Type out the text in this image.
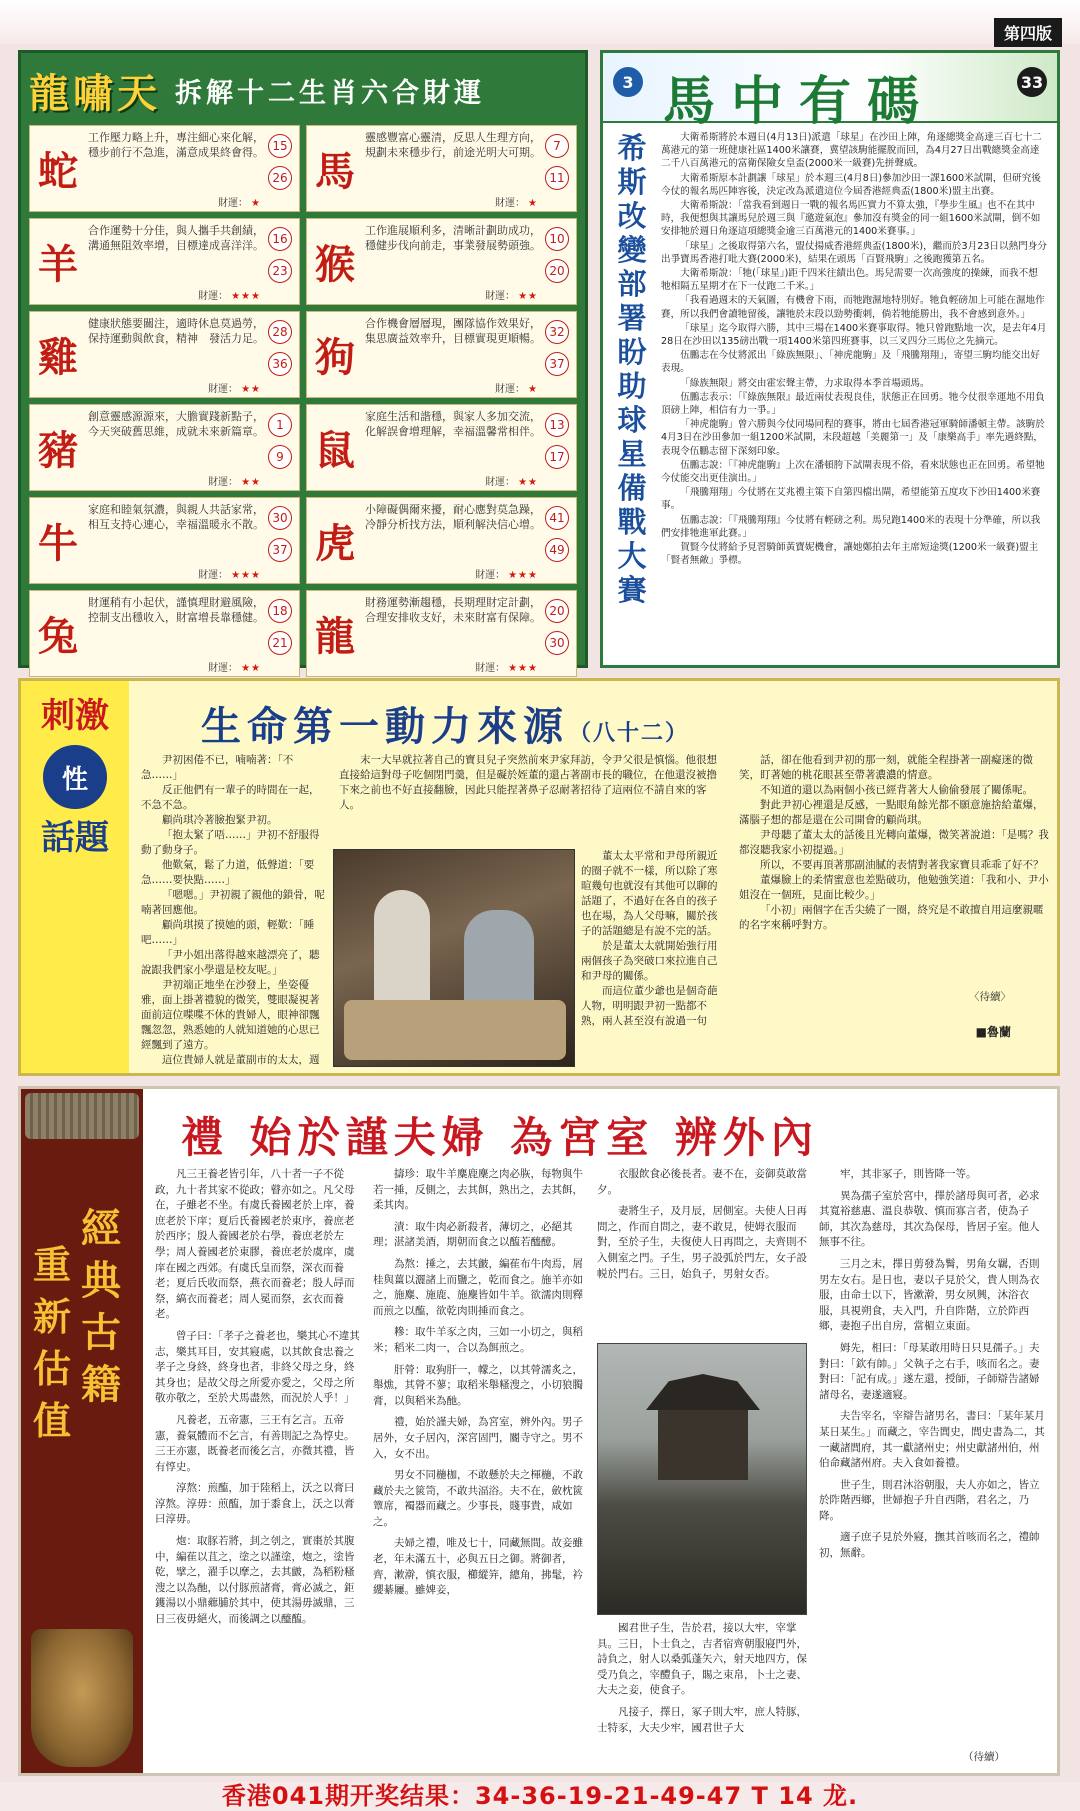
第四版
龍嘯天 拆解十二生肖六合財運
蛇
工作壓力略上升，專注細心來化解，穩步前行不急進，滿意成果終會得。 15
26
財運： ★
馬
靈感豐富心靈清，反思人生理方向，規劃未來穩步行，前途光明大可期。	7
11
財運： ★
羊
合作運勢十分佳，與人攜手共創績，溝通無阻效率增，目標達成喜洋洋。 16
23
財運： ★★★
猴
工作進展順利多，清晰計劃助成功，穩健步伐向前走，事業發展勢頭強。 10
20
財運： ★★
雞
健康狀態要關注，適時休息莫過勞，保持運動與飲食，精神　發活力足。 28
36
財運： ★★
狗
合作機會層層現，團隊協作效果好，集思廣益效率升，目標實現更順暢。 32
37
財運： ★
豬
創意靈感源源來，大膽實踐新點子，今天突破舊思維，成就未來新篇章。	1
9
財運： ★★
鼠
家庭生活和諧穩，與家人多加交流，化解誤會增理解，幸福溫馨常相伴。 13
17
財運： ★★
牛
家庭和睦氣氛濃，與親人共話家常，相互支持心連心，幸福溫暖永不散。 30
37
財運： ★★★
虎
小障礙偶爾來擾，耐心應對莫急躁，冷靜分析找方法，順利解決信心增。 41
49
財運： ★★★
兔
財運稍有小起伏，謹慎理財避風險，控制支出穩收入，財富增長靠穩健。 18
21
財運： ★★
龍
財務運勢漸趨穩，長期理財定計劃，合理安排收支好，未來財富有保障。 20
30
財運： ★★★
3 馬中有碼	33
希
斯
改
變
部
署
盼
助
球
星
備
戰
大
賽

大衛希斯將於本週日(4月13日)派遣「球星」在沙田上陣，角逐總獎金高達三百七十二萬港元的第一班健康社區1400米讓賽，冀望該駒能擺脫而回，為4月27日出戰總獎金高達二千八百萬港元的富衛保險女皇盃(2000米一級賽)先拼聲威。

大衛希斯原本計劃讓「球星」於本週三(4月8日)參加沙田一課1600米試閘，但研究後今仗的報名馬匹陣容後，決定改為派遣這位今屆香港經典盃(1800米)盟主出賽。

大衛希斯說：「當我看到週日一戰的報名馬匹實力不算太強，『學步生風』也不在其中時，我便想與其讓馬兒於週三與『邀遊氣泡』參加沒有獎金的同一組1600米試閘，倒不如安排牠於週日角逐這項總獎金逾三百萬港元的1400米賽事。」

「球星」之後取得第六名，盟仗揚威香港經典盃(1800米)，繼而於3月23日以熱門身分出爭寶馬香港打吡大賽(2000米)，結果在頭馬「百賢飛駒」之後跑獲第五名。

大衛希斯說：「牠(「球星」)距千四米往績出色。馬兒需要一次高強度的操練，而我不想牠相隔五星期才在下一仗跑二千米。」

「我看過週末的天氣圖，有機會下雨，而牠跑濕地特別好。牠負輕磅加上可能在濕地作賽，所以我們會讀牠留後，讓牠於末段以勁勢衝刺，倘若牠能勝出，我不會感到意外。」

「球星」迄今取得六勝，其中三場在1400米賽事取得。牠只曾跑點地一次，是去年4月28日在沙田以135磅出戰一項1400米第四班賽事，以三叉四分三馬位之先摘元。

伍鵬志在今仗將派出「綠族無限」、「神虎龍駒」及「飛騰翔翔」，寄望三駒均能交出好表現。

「綠族無限」將交由霍宏聲主帶，力求取得本季首場頭馬。

伍鵬志表示：「『綠族無限』最近兩仗表現良佳，狀態正在回勇。牠今仗很幸運地不用負頂磅上陣，相信有力一爭。」

「神虎龍駒」曾六勝與今仗同場同程的賽事，將由七屆香港冠軍騎師潘頓主帶。該駒於4月3日在沙田參加一組1200米試閘，末段超越「美麗第一」及「康樂高手」率先過終點，表現令伍鵬志留下深刻印象。

伍鵬志說：「『神虎龍駒』上次在潘頓胯下試閘表現不俗，看來狀態也正在回勇。希望牠今仗能交出更佳演出。」

「飛騰翔翔」今仗將在艾兆禮主策下自第四檔出閘，希望能第五度攻下沙田1400米賽事。

伍鵬志說：「『飛騰翔翔』今仗將有輕磅之利。馬兒跑1400米的表現十分準確，所以我們安排牠進軍此賽。」

賀賢今仗將給予見習騎師黃寶妮機會，讓她鄭拍去年主席短途獎(1200米一級賽)盟主「賢者無敵」爭標。

刺激
性
話題
生命第一動力來源（八十二）

尹初困倦不已，喃喃著：「不急……」

反正他們有一輩子的時間在一起，不急不急。

顧尚琪冷著臉抱緊尹初。

「抱太緊了唔……」尹初不舒服得動了動身子。

他歎氣，鬆了力道，低聲道：「要急……要快點……」

「嗯嗯。」尹初親了親他的鎖骨，呢喃著回應他。

顧尚琪摸了摸她的頭，輕歎：「睡吧……」

「尹小姐出落得越來越漂亮了，聽說跟我們家小學還是校友呢。」

尹初端正地坐在沙發上，坐姿優雅，面上掛著禮貌的微笑，雙眼凝視著面前這位喋喋不休的貴婦人，眼神卻飄飄忽忽，熟悉她的人就知道她的心思已經飄到了遠方。

這位貴婦人就是董副市的太太，週

末一大早就拉著自己的寶貝兒子突然前來尹家拜訪，令尹父很是慎惱。他很想直接給這對母子吃個閉門羹，但是礙於姪董的還占著副市長的職位，在他還沒被撸下來之前也不好直接翻臉，因此只能捏著鼻子忍耐著招待了這兩位不請自來的客人。

董太太平常和尹母所親近的圈子就不一樣，所以除了寒暄幾句也就沒有其他可以聊的話題了，不過好在各自的孩子也在場，為人父母嘛，關於孩子的話題總是有說不完的話。

於是董太太就開始強行用兩個孩子為突破口來拉進自己和尹母的關係。

而這位董少爺也是個奇葩人物，明明跟尹初一點都不熟，兩人甚至沒有說過一句

話，卻在他看到尹初的那一刻，就能全程掛著一副癡迷的微笑，盯著她的桃花眼甚至帶著濃濃的情意。

不知道的還以為兩個小孩已經背著大人偷偷發展了關係呢。

對此尹初心裡還是反感，一點眼角餘光都不願意施捨給董爆，滿腦子想的都是還在公司開會的顧尚琪。

尹母聽了董太太的話後且光轉向董爆，微笑著說道：「是嗎？我都沒聽我家小初提過。」

所以，不要再頂著那副油膩的表情對著我家寶貝乖乖了好不？

董爆臉上的柔情蜜意也差點破功，他勉強笑道：「我和小、尹小姐沒在一個班，見面比較少。」

「小初」兩個字在舌尖繞了一圈，終究是不敢擅自用這麼親暱的名字來稱呼對方。

〈待續〉
■魯蘭
經
典
古
籍
重
新
估
值
禮 始於謹夫婦 為宮室 辨外內

凡三王養老皆引年，八十者一子不從政，九十者其家不從政；瞽亦如之。凡父母在，子雖老不坐。有虞氏養國老於上庠，養庶老於下庠；夏后氏養國老於東序，養庶老於西序；殷人養國老於右學，養庶老於左學；周人養國老於東膠，養庶老於虞庠，虞庠在國之西郊。有虞氏皇而祭，深衣而養老；夏后氏收而祭，燕衣而養老；殷人冔而祭，縞衣而養老；周人冕而祭，玄衣而養老。

曾子曰：「孝子之養老也，樂其心不違其志，樂其耳目，安其寢處，以其飲食忠養之孝子之身終，終身也者，非終父母之身，終其身也；是故父母之所愛亦愛之，父母之所敬亦敬之，至於犬馬盡然，而況於人乎！」

凡養老，五帝憲，三王有乞言。五帝憲，養氣體而不乞言，有善則記之為惇史。三王亦憲，既養老而後乞言，亦微其禮，皆有惇史。

淳熬：煎醢，加于陸稻上，沃之以膏曰淳熬。淳毋：煎醢，加于黍食上，沃之以膏曰淳毋。

炮：取豚若將，刲之刳之，實棗於其腹中，編萑以苴之，塗之以謹塗，炮之，塗皆乾，擘之，濯手以摩之，去其皽，為稻粉糔溲之以為酏，以付豚煎諸膏，膏必滅之，鉅鑊湯以小鼎薌脯於其中，使其湯毋滅鼎，三日三夜毋絕火，而後調之以醯醢。

擣珍：取牛羊麋鹿麇之肉必脄，每物與牛若一捶，反側之，去其餌，熟出之，去其餌，柔其肉。

漬：取牛肉必新殺者，薄切之，必絕其理；湛諸美酒，期朝而食之以醢若醯醷。

為熬：捶之，去其皽，編萑布牛肉焉，屑桂與薑以灑諸上而鹽之，乾而食之。施羊亦如之，施麋、施鹿、施麇皆如牛羊。欲濡肉則釋而煎之以醢，欲乾肉則捶而食之。

糝：取牛羊豕之肉，三如一小切之，與稻米；稻米二肉一，合以為餌煎之。

肝膋：取狗肝一，幪之，以其膋濡炙之，舉燋，其膋不蓼；取稻米舉糔溲之，小切狼臅膏，以與稻米為酏。

禮，始於謹夫婦，為宮室，辨外內。男子居外，女子居內，深宮固門，閽寺守之。男不入，女不出。

男女不同椸枷，不敢懸於夫之楎椸，不敢藏於夫之篋笥，不敢共湢浴。夫不在，斂枕篋簟席，襡器而藏之。少事長，賤事貴，咸如之。

夫婦之禮，唯及七十，同藏無間。故妾雖老，年未滿五十，必與五日之御。將御者，齊，漱澣，慎衣服，櫛縱笄，總角，拂髦，衿纓綦屨。雖婢妾，

衣服飲食必後長者。妻不在，妾御莫敢當夕。

妻將生子，及月辰，居側室。夫使人日再問之，作而自問之，妻不敢見，使姆衣服而對，至於子生，夫復使人日再問之，夫齊則不入側室之門。子生，男子設弧於門左，女子設帨於門右。三日，始負子，男射女否。

國君世子生，告於君，接以大牢，宰掌具。三日，卜士負之，吉者宿齊朝服寢門外，詩負之，射人以桑弧蓬矢六，射天地四方，保受乃負之，宰醴負子，賜之束帛，卜士之妻、大夫之妾，使食子。

凡接子，擇日，冢子則大牢，庶人特豚，士特豕，大夫少牢，國君世子大

牢，其非冢子，則皆降一等。

異為孺子室於宮中，擇於諸母與可者，必求其寬裕慈惠、溫良恭敬、慎而寡言者，使為子師，其次為慈母，其次為保母，皆居子室。他人無事不往。

三月之末，擇日剪發為鬌，男角女羈，否則男左女右。是日也，妻以子見於父，貴人則為衣服，由命士以下，皆漱澣，男女夙興，沐浴衣服，具視朔食，夫入門，升自阼階，立於阼西鄉，妻抱子出自房，當楣立東面。

姆先，相曰：「母某敢用時日只見孺子。」夫對曰：「欽有帥。」父執子之右手，咳而名之。妻對曰：「記有成。」遂左還，授師，子師辯告諸婦諸母名，妻遂適寢。

夫告宰名，宰辯告諸男名，書曰：「某年某月某日某生。」而藏之，宰告閭史，閭史書為二，其一藏諸閭府，其一獻諸州史；州史獻諸州伯，州伯命藏諸州府。夫入食如養禮。

世子生，則君沐浴朝服，夫人亦如之，皆立於阼階西鄉，世婦抱子升自西階，君名之，乃降。

適子庶子見於外寢，撫其首咳而名之，禮帥初，無辭。

（待續）
香港041期开奖结果：34-36-19-21-49-47 T 14 龙.
